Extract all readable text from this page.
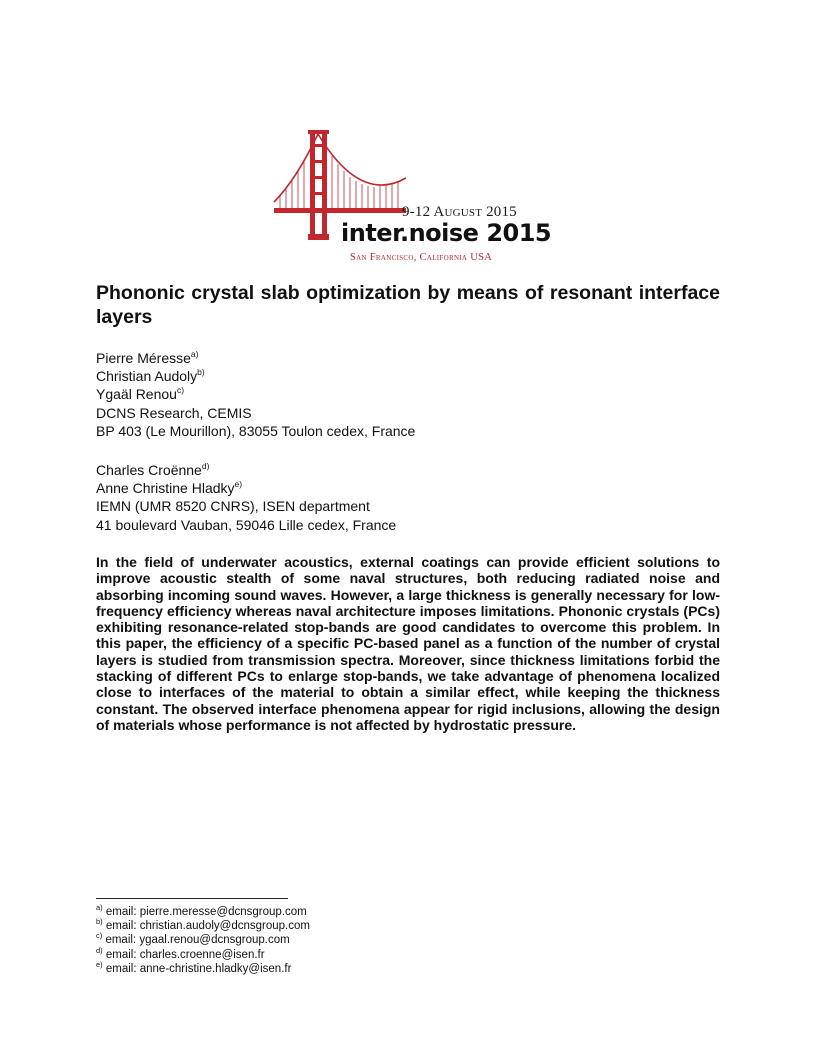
9-12 August 2015
inter.noise 2015
San Francisco, California USA
Phononic crystal slab optimization by means of resonant interface layers
Pierre Méresse$^{a)}$
Christian Audoly$^{b)}$
Ygaäl Renou$^{c)}$
DCNS Research, CEMIS
BP 403 (Le Mourillon), 83055 Toulon cedex, France
Charles Croënne$^{d)}$
Anne Christine Hladky$^{e)}$
IEMN (UMR 8520 CNRS), ISEN department
41 boulevard Vauban, 59046 Lille cedex, France
In the field of underwater acoustics, external coatings can provide efficient solutions to improve acoustic stealth of some naval structures, both reducing radiated noise and absorbing incoming sound waves. However, a large thickness is generally necessary for low-frequency efficiency whereas naval architecture imposes limitations. Phononic crystals (PCs) exhibiting resonance-related stop-bands are good candidates to overcome this problem. In this paper, the efficiency of a specific PC-based panel as a function of the number of crystal layers is studied from transmission spectra. Moreover, since thickness limitations forbid the stacking of different PCs to enlarge stop-bands, we take advantage of phenomena localized close to interfaces of the material to obtain a similar effect, while keeping the thickness constant. The observed interface phenomena appear for rigid inclusions, allowing the design of materials whose performance is not affected by hydrostatic pressure.
$^{a)}$ email: pierre.meresse@dcnsgroup.com
$^{b)}$ email: christian.audoly@dcnsgroup.com
$^{c)}$ email: ygaal.renou@dcnsgroup.com
$^{d)}$ email: charles.croenne@isen.fr
$^{e)}$ email: anne-christine.hladky@isen.fr
